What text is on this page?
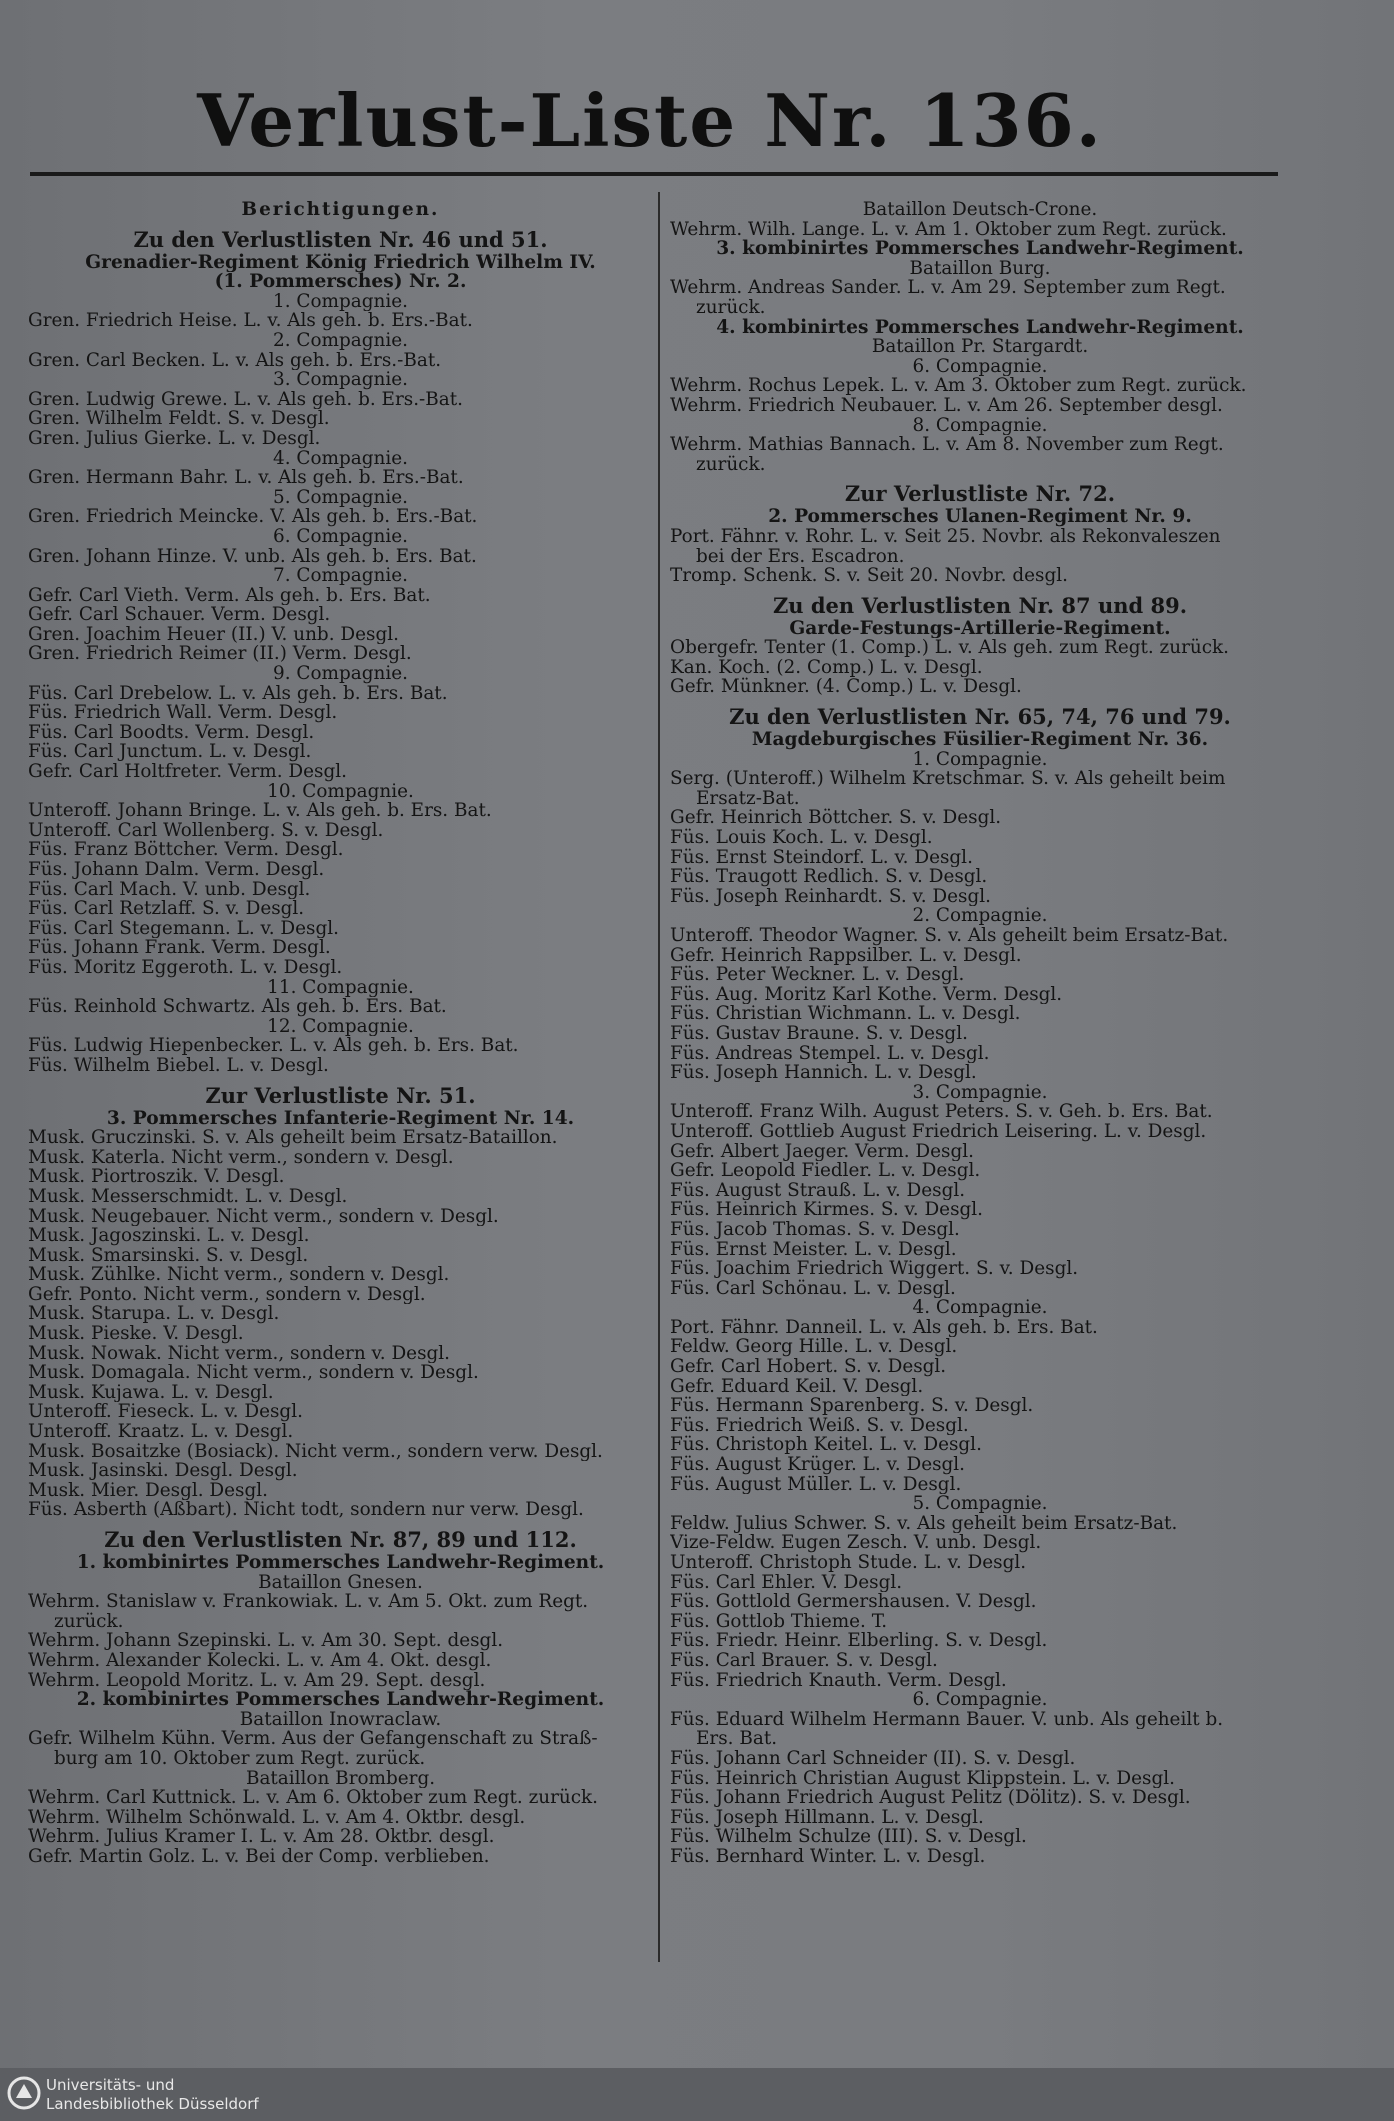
Verlust-Liste Nr. 136.
Berichtigungen.
Zu den Verlustlisten Nr. 46 und 51.
Grenadier-Regiment König Friedrich Wilhelm IV.
(1. Pommersches) Nr. 2.
1. Compagnie.
Gren. Friedrich Heise. L. v. Als geh. b. Ers.-Bat.
2. Compagnie.
Gren. Carl Becken. L. v. Als geh. b. Ers.-Bat.
3. Compagnie.
Gren. Ludwig Grewe. L. v. Als geh. b. Ers.-Bat.
Gren. Wilhelm Feldt. S. v. Desgl.
Gren. Julius Gierke. L. v. Desgl.
4. Compagnie.
Gren. Hermann Bahr. L. v. Als geh. b. Ers.-Bat.
5. Compagnie.
Gren. Friedrich Meincke. V. Als geh. b. Ers.-Bat.
6. Compagnie.
Gren. Johann Hinze. V. unb. Als geh. b. Ers. Bat.
7. Compagnie.
Gefr. Carl Vieth. Verm. Als geh. b. Ers. Bat.
Gefr. Carl Schauer. Verm. Desgl.
Gren. Joachim Heuer (II.) V. unb. Desgl.
Gren. Friedrich Reimer (II.) Verm. Desgl.
9. Compagnie.
Füs. Carl Drebelow. L. v. Als geh. b. Ers. Bat.
Füs. Friedrich Wall. Verm. Desgl.
Füs. Carl Boodts. Verm. Desgl.
Füs. Carl Junctum. L. v. Desgl.
Gefr. Carl Holtfreter. Verm. Desgl.
10. Compagnie.
Unteroff. Johann Bringe. L. v. Als geh. b. Ers. Bat.
Unteroff. Carl Wollenberg. S. v. Desgl.
Füs. Franz Böttcher. Verm. Desgl.
Füs. Johann Dalm. Verm. Desgl.
Füs. Carl Mach. V. unb. Desgl.
Füs. Carl Retzlaff. S. v. Desgl.
Füs. Carl Stegemann. L. v. Desgl.
Füs. Johann Frank. Verm. Desgl.
Füs. Moritz Eggeroth. L. v. Desgl.
11. Compagnie.
Füs. Reinhold Schwartz. Als geh. b. Ers. Bat.
12. Compagnie.
Füs. Ludwig Hiepenbecker. L. v. Als geh. b. Ers. Bat.
Füs. Wilhelm Biebel. L. v. Desgl.
Zur Verlustliste Nr. 51.
3. Pommersches Infanterie-Regiment Nr. 14.
Musk. Gruczinski. S. v. Als geheilt beim Ersatz-Bataillon.
Musk. Katerla. Nicht verm., sondern v. Desgl.
Musk. Piortroszik. V. Desgl.
Musk. Messerschmidt. L. v. Desgl.
Musk. Neugebauer. Nicht verm., sondern v. Desgl.
Musk. Jagoszinski. L. v. Desgl.
Musk. Smarsinski. S. v. Desgl.
Musk. Zühlke. Nicht verm., sondern v. Desgl.
Gefr. Ponto. Nicht verm., sondern v. Desgl.
Musk. Starupa. L. v. Desgl.
Musk. Pieske. V. Desgl.
Musk. Nowak. Nicht verm., sondern v. Desgl.
Musk. Domagala. Nicht verm., sondern v. Desgl.
Musk. Kujawa. L. v. Desgl.
Unteroff. Fieseck. L. v. Desgl.
Unteroff. Kraatz. L. v. Desgl.
Musk. Bosaitzke (Bosiack). Nicht verm., sondern verw. Desgl.
Musk. Jasinski. Desgl. Desgl.
Musk. Mier. Desgl. Desgl.
Füs. Asberth (Aßbart). Nicht todt, sondern nur verw. Desgl.
Zu den Verlustlisten Nr. 87, 89 und 112.
1. kombinirtes Pommersches Landwehr-Regiment.
Bataillon Gnesen.
Wehrm. Stanislaw v. Frankowiak. L. v. Am 5. Okt. zum Regt.
zurück.
Wehrm. Johann Szepinski. L. v. Am 30. Sept. desgl.
Wehrm. Alexander Kolecki. L. v. Am 4. Okt. desgl.
Wehrm. Leopold Moritz. L. v. Am 29. Sept. desgl.
2. kombinirtes Pommersches Landwehr-Regiment.
Bataillon Inowraclaw.
Gefr. Wilhelm Kühn. Verm. Aus der Gefangenschaft zu Straß-
burg am 10. Oktober zum Regt. zurück.
Bataillon Bromberg.
Wehrm. Carl Kuttnick. L. v. Am 6. Oktober zum Regt. zurück.
Wehrm. Wilhelm Schönwald. L. v. Am 4. Oktbr. desgl.
Wehrm. Julius Kramer I. L. v. Am 28. Oktbr. desgl.
Gefr. Martin Golz. L. v. Bei der Comp. verblieben.
Bataillon Deutsch-Crone.
Wehrm. Wilh. Lange. L. v. Am 1. Oktober zum Regt. zurück.
3. kombinirtes Pommersches Landwehr-Regiment.
Bataillon Burg.
Wehrm. Andreas Sander. L. v. Am 29. September zum Regt.
zurück.
4. kombinirtes Pommersches Landwehr-Regiment.
Bataillon Pr. Stargardt.
6. Compagnie.
Wehrm. Rochus Lepek. L. v. Am 3. Oktober zum Regt. zurück.
Wehrm. Friedrich Neubauer. L. v. Am 26. September desgl.
8. Compagnie.
Wehrm. Mathias Bannach. L. v. Am 8. November zum Regt.
zurück.
Zur Verlustliste Nr. 72.
2. Pommersches Ulanen-Regiment Nr. 9.
Port. Fähnr. v. Rohr. L. v. Seit 25. Novbr. als Rekonvaleszen
bei der Ers. Escadron.
Tromp. Schenk. S. v. Seit 20. Novbr. desgl.
Zu den Verlustlisten Nr. 87 und 89.
Garde-Festungs-Artillerie-Regiment.
Obergefr. Tenter (1. Comp.) L. v. Als geh. zum Regt. zurück.
Kan. Koch. (2. Comp.) L. v. Desgl.
Gefr. Münkner. (4. Comp.) L. v. Desgl.
Zu den Verlustlisten Nr. 65, 74, 76 und 79.
Magdeburgisches Füsilier-Regiment Nr. 36.
1. Compagnie.
Serg. (Unteroff.) Wilhelm Kretschmar. S. v. Als geheilt beim
Ersatz-Bat.
Gefr. Heinrich Böttcher. S. v. Desgl.
Füs. Louis Koch. L. v. Desgl.
Füs. Ernst Steindorf. L. v. Desgl.
Füs. Traugott Redlich. S. v. Desgl.
Füs. Joseph Reinhardt. S. v. Desgl.
2. Compagnie.
Unteroff. Theodor Wagner. S. v. Als geheilt beim Ersatz-Bat.
Gefr. Heinrich Rappsilber. L. v. Desgl.
Füs. Peter Weckner. L. v. Desgl.
Füs. Aug. Moritz Karl Kothe. Verm. Desgl.
Füs. Christian Wichmann. L. v. Desgl.
Füs. Gustav Braune. S. v. Desgl.
Füs. Andreas Stempel. L. v. Desgl.
Füs. Joseph Hannich. L. v. Desgl.
3. Compagnie.
Unteroff. Franz Wilh. August Peters. S. v. Geh. b. Ers. Bat.
Unteroff. Gottlieb August Friedrich Leisering. L. v. Desgl.
Gefr. Albert Jaeger. Verm. Desgl.
Gefr. Leopold Fiedler. L. v. Desgl.
Füs. August Strauß. L. v. Desgl.
Füs. Heinrich Kirmes. S. v. Desgl.
Füs. Jacob Thomas. S. v. Desgl.
Füs. Ernst Meister. L. v. Desgl.
Füs. Joachim Friedrich Wiggert. S. v. Desgl.
Füs. Carl Schönau. L. v. Desgl.
4. Compagnie.
Port. Fähnr. Danneil. L. v. Als geh. b. Ers. Bat.
Feldw. Georg Hille. L. v. Desgl.
Gefr. Carl Hobert. S. v. Desgl.
Gefr. Eduard Keil. V. Desgl.
Füs. Hermann Sparenberg. S. v. Desgl.
Füs. Friedrich Weiß. S. v. Desgl.
Füs. Christoph Keitel. L. v. Desgl.
Füs. August Krüger. L. v. Desgl.
Füs. August Müller. L. v. Desgl.
5. Compagnie.
Feldw. Julius Schwer. S. v. Als geheilt beim Ersatz-Bat.
Vize-Feldw. Eugen Zesch. V. unb. Desgl.
Unteroff. Christoph Stude. L. v. Desgl.
Füs. Carl Ehler. V. Desgl.
Füs. Gottlold Germershausen. V. Desgl.
Füs. Gottlob Thieme. T.
Füs. Friedr. Heinr. Elberling. S. v. Desgl.
Füs. Carl Brauer. S. v. Desgl.
Füs. Friedrich Knauth. Verm. Desgl.
6. Compagnie.
Füs. Eduard Wilhelm Hermann Bauer. V. unb. Als geheilt b.
Ers. Bat.
Füs. Johann Carl Schneider (II). S. v. Desgl.
Füs. Heinrich Christian August Klippstein. L. v. Desgl.
Füs. Johann Friedrich August Pelitz (Dölitz). S. v. Desgl.
Füs. Joseph Hillmann. L. v. Desgl.
Füs. Wilhelm Schulze (III). S. v. Desgl.
Füs. Bernhard Winter. L. v. Desgl.
Universitäts- und
Landesbibliothek Düsseldorf
